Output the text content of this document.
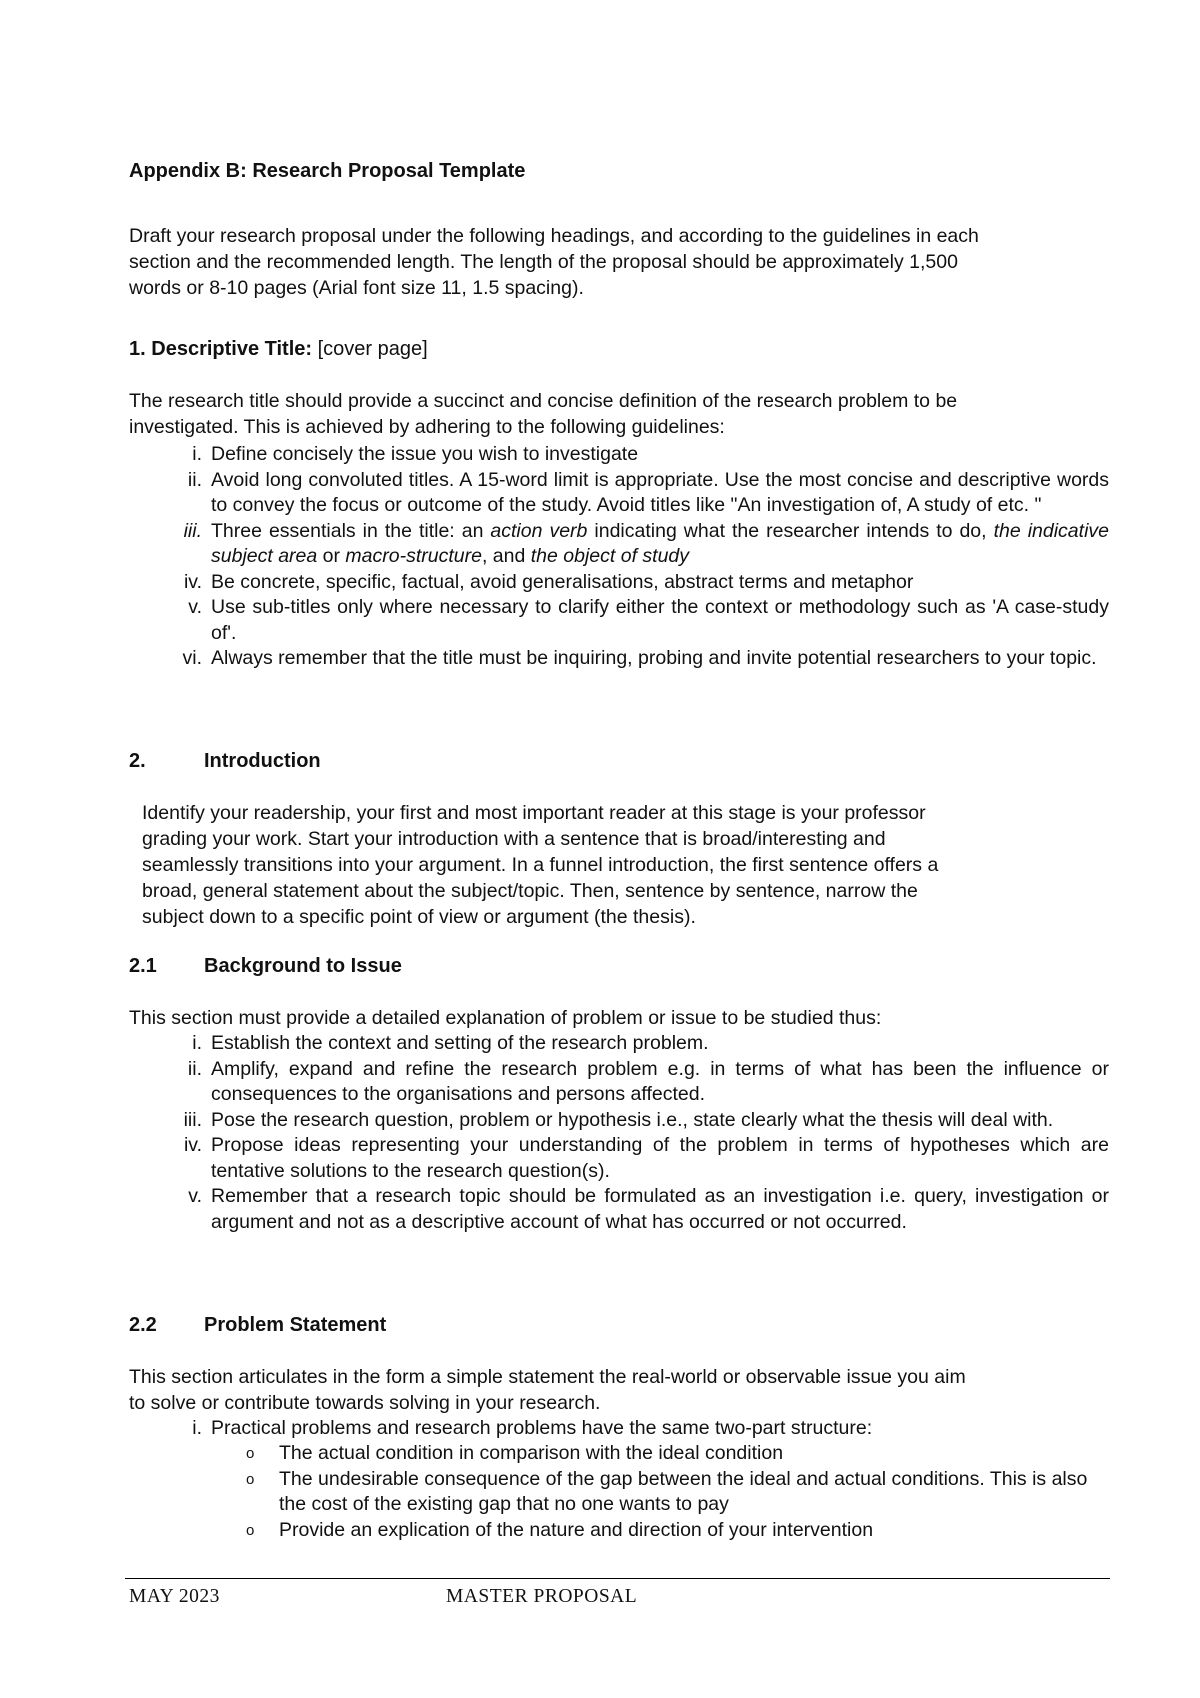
Appendix B: Research Proposal Template
Draft your research proposal under the following headings, and according to the guidelines in each
section and the recommended length. The length of the proposal should be approximately 1,500
words or 8-10 pages (Arial font size 11, 1.5 spacing).
1. Descriptive Title: [cover page]
The research title should provide a succinct and concise definition of the research problem to be
investigated. This is achieved by adhering to the following guidelines:
i. Define concisely the issue you wish to investigate
ii. Avoid long convoluted titles. A 15-word limit is appropriate. Use the most concise and descriptive words to convey the focus or outcome of the study. Avoid titles like "An investigation of, A study of etc. "
iii. Three essentials in the title: an action verb indicating what the researcher intends to do, the indicative subject area or macro-structure, and the object of study
iv. Be concrete, specific, factual, avoid generalisations, abstract terms and metaphor
v. Use sub-titles only where necessary to clarify either the context or methodology such as 'A case-study of'.
vi. Always remember that the title must be inquiring, probing and invite potential researchers to your topic.
2.	Introduction
Identify your readership, your first and most important reader at this stage is your professor
grading your work. Start your introduction with a sentence that is broad/interesting and
seamlessly transitions into your argument. In a funnel introduction, the first sentence offers a
broad, general statement about the subject/topic. Then, sentence by sentence, narrow the
subject down to a specific point of view or argument (the thesis).
2.1 Background to Issue
This section must provide a detailed explanation of problem or issue to be studied thus:
i. Establish the context and setting of the research problem.
ii. Amplify, expand and refine the research problem e.g. in terms of what has been the influence or consequences to the organisations and persons affected.
iii. Pose the research question, problem or hypothesis i.e., state clearly what the thesis will deal with.
iv. Propose ideas representing your understanding of the problem in terms of hypotheses which are tentative solutions to the research question(s).
v. Remember that a research topic should be formulated as an investigation i.e. query, investigation or argument and not as a descriptive account of what has occurred or not occurred.
2.2 Problem Statement
This section articulates in the form a simple statement the real-world or observable issue you aim
to solve or contribute towards solving in your research.
i. Practical problems and research problems have the same two-part structure:
o The actual condition in comparison with the ideal condition
o The undesirable consequence of the gap between the ideal and actual conditions. This is also the cost of the existing gap that no one wants to pay
o Provide an explication of the nature and direction of your intervention
MAY 2023	MASTER PROPOSAL
